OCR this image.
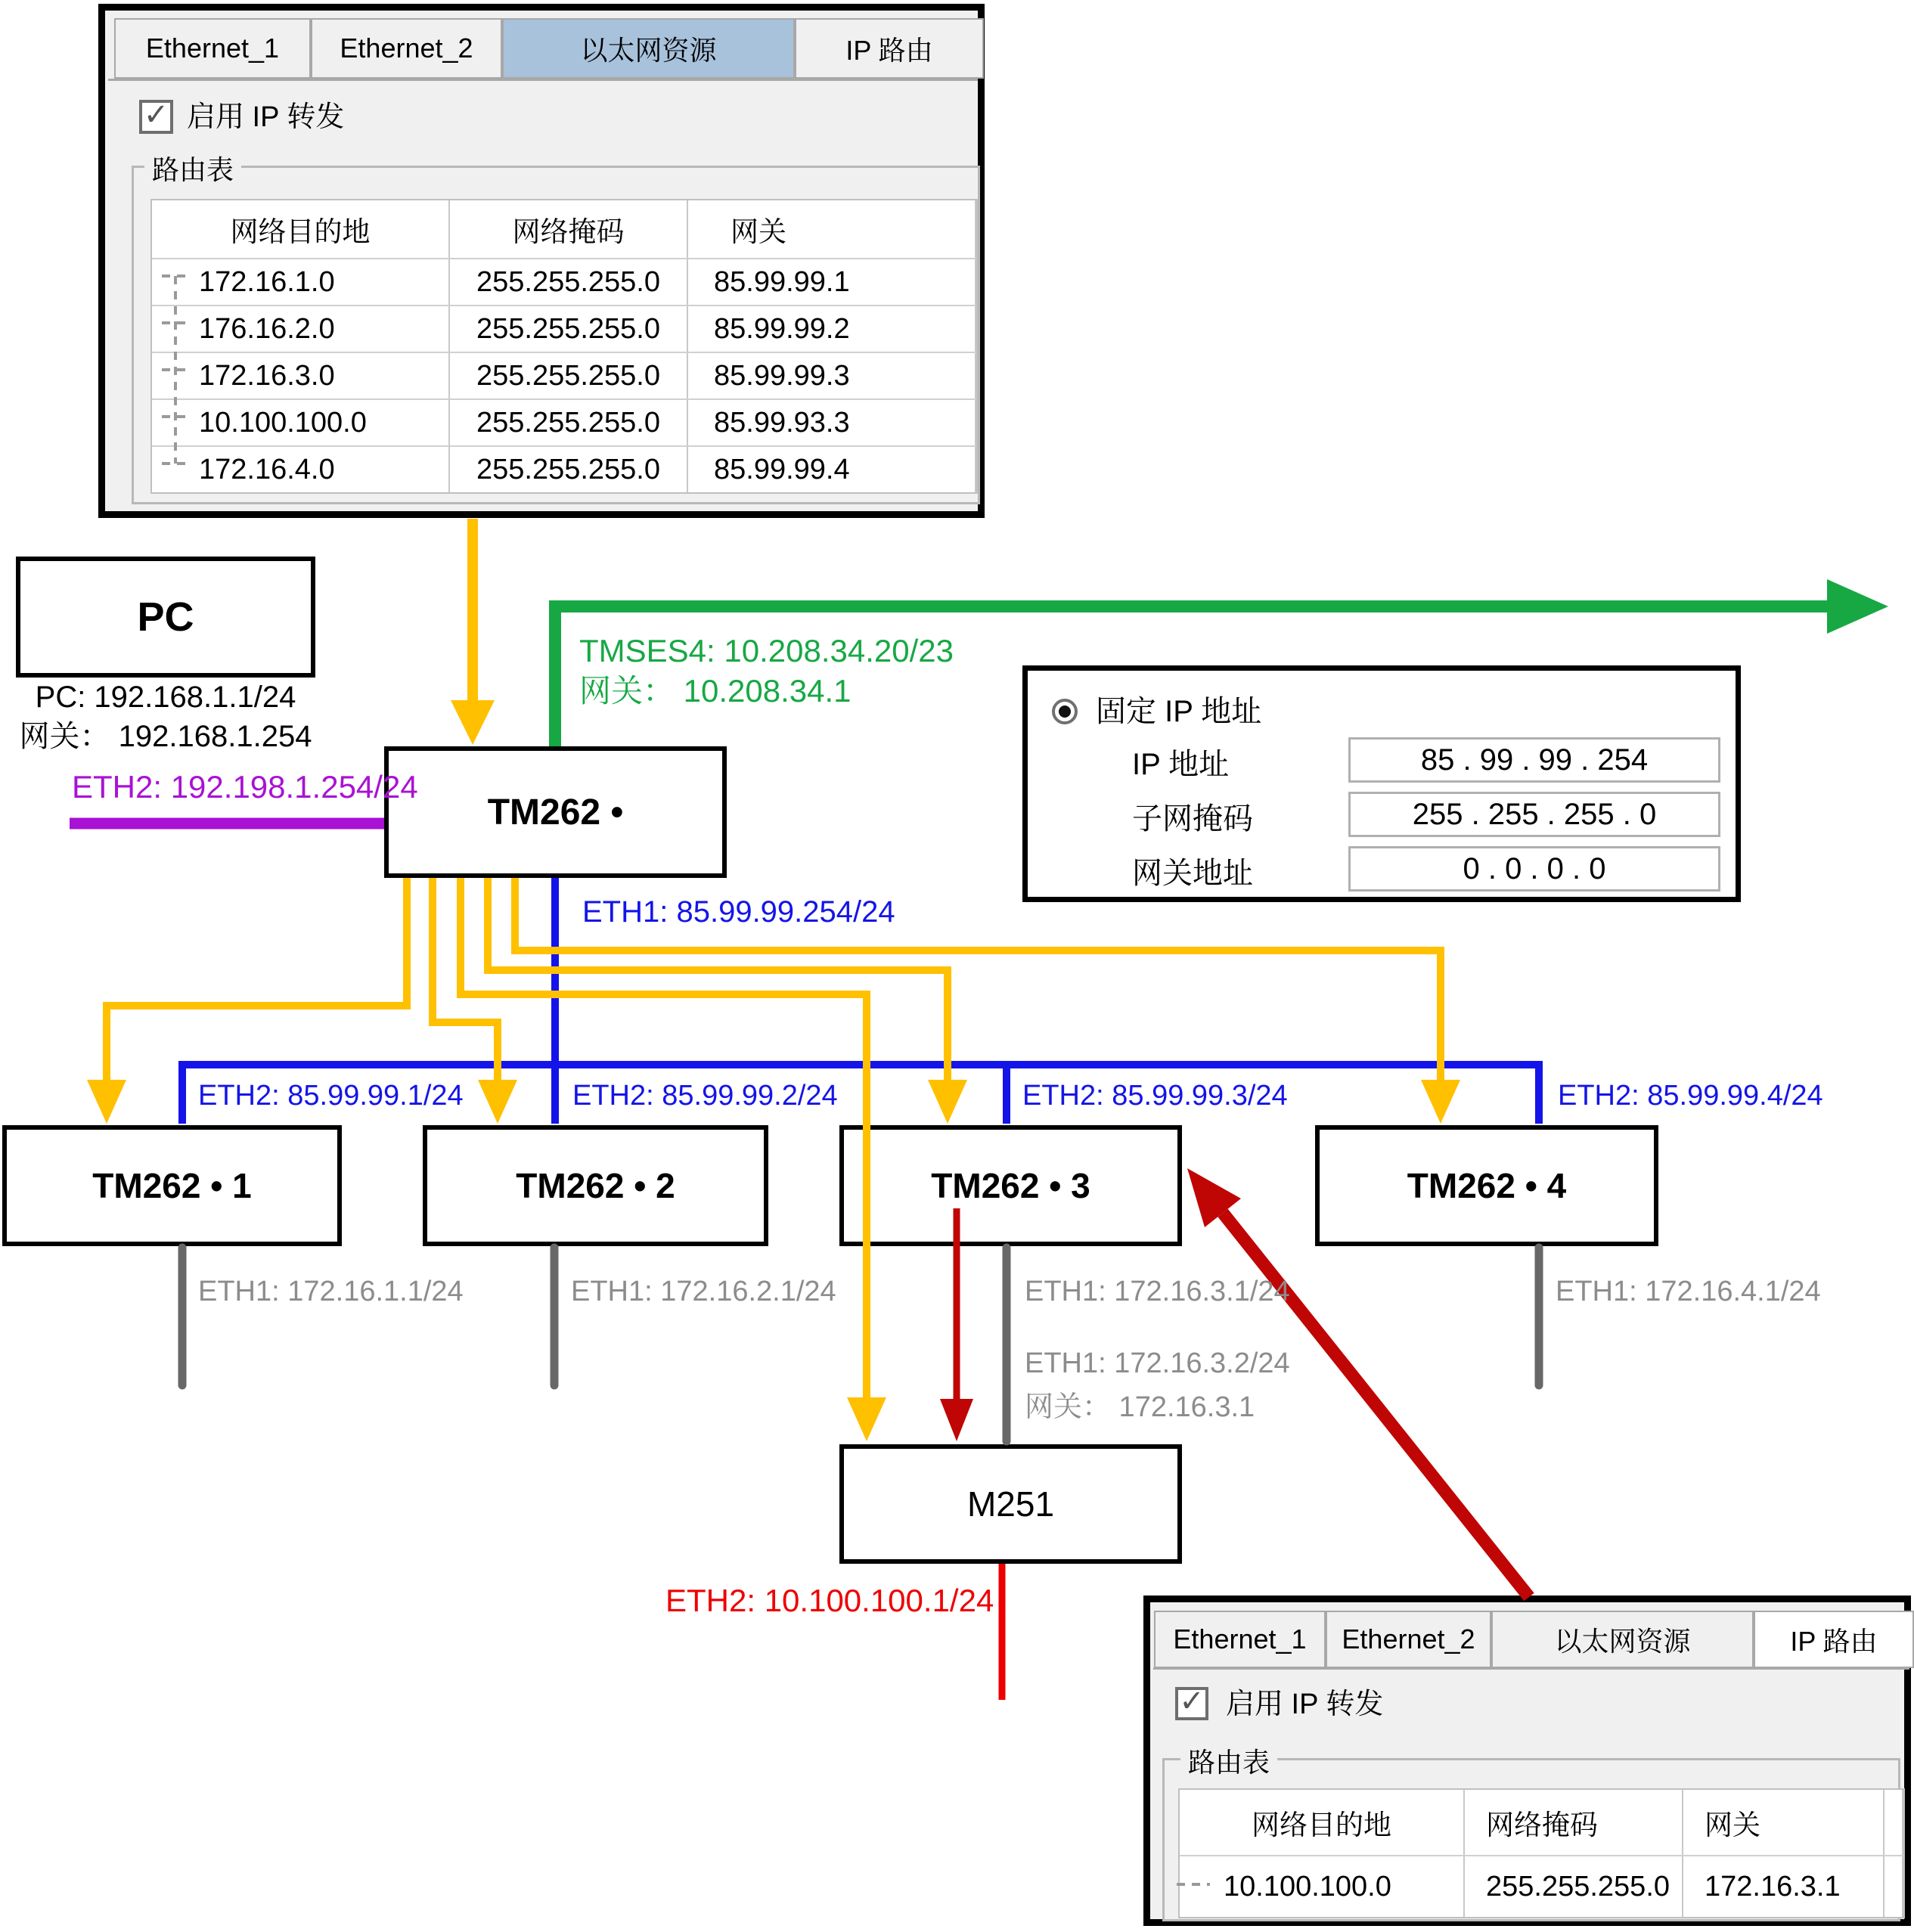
Ethernet_1 Ethernet_2	以太网资源	IP 路由
✓ 启用 IP 转发
路由表
网络目的地	网络掩码	网关
172.16.1.0	255.255.255.0	85.99.99.1
176.16.2.0	255.255.255.0	85.99.99.2
172.16.3.0	255.255.255.0	85.99.99.3
10.100.100.0	255.255.255.0	85.99.93.3
172.16.4.0	255.255.255.0	85.99.99.4
PC
PC: 192.168.1.1/24
网关： 192.168.1.254
ETH2: 192.198.1.254/24
TM262 •
TMSES4: 10.208.34.20/23
网关： 10.208.34.1
ETH1: 85.99.99.254/24
固定 IP 地址
IP 地址	85 . 99 . 99 . 254
子网掩码	255 . 255 . 255 . 0
网关地址	0 . 0 . 0 . 0
ETH2: 85.99.99.1/24	ETH2: 85.99.99.2/24	ETH2: 85.99.99.3/24	ETH2: 85.99.99.4/24
TM262 • 1	TM262 • 2	TM262 • 3	TM262 • 4
ETH1: 172.16.1.1/24	ETH1: 172.16.2.1/24	ETH1: 172.16.3.1/24
ETH1: 172.16.3.2/24
网关： 172.16.3.1
ETH1: 172.16.4.1/24
M251
ETH2: 10.100.100.1/24
Ethernet_1 Ethernet_2	以太网资源	IP 路由
✓ 启用 IP 转发
路由表
网络目的地	网络掩码	网关
10.100.100.0	255.255.255.0	172.16.3.1
